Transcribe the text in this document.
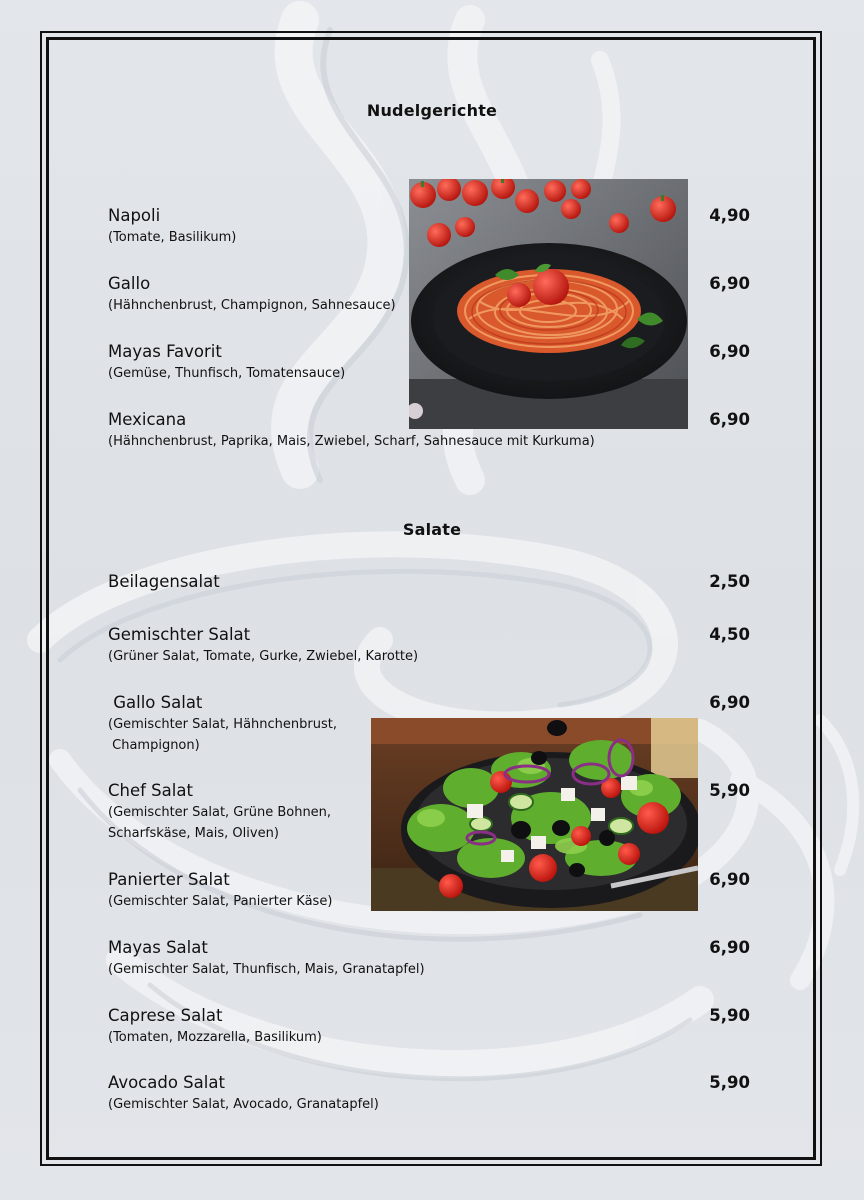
Nudelgerichte
Napoli
(Tomate, Basilikum)
4,90
Gallo
(Hähnchenbrust, Champignon, Sahnesauce)
6,90
Mayas Favorit
(Gemüse, Thunfisch, Tomatensauce)
6,90
Mexicana
(Hähnchenbrust, Paprika, Mais, Zwiebel, Scharf, Sahnesauce mit Kurkuma)
6,90
Salate
Beilagensalat	2,50
Gemischter Salat
(Grüner Salat, Tomate, Gurke, Zwiebel, Karotte)
4,50
Gallo Salat
(Gemischter Salat, Hähnchenbrust,
Champignon)
6,90
Chef Salat
(Gemischter Salat, Grüne Bohnen,
Scharfskäse, Mais, Oliven)
5,90
Panierter Salat
(Gemischter Salat, Panierter Käse)
6,90
Mayas Salat
(Gemischter Salat, Thunfisch, Mais, Granatapfel)
6,90
Caprese Salat
(Tomaten, Mozzarella, Basilikum)
5,90
Avocado Salat
(Gemischter Salat, Avocado, Granatapfel)
5,90
